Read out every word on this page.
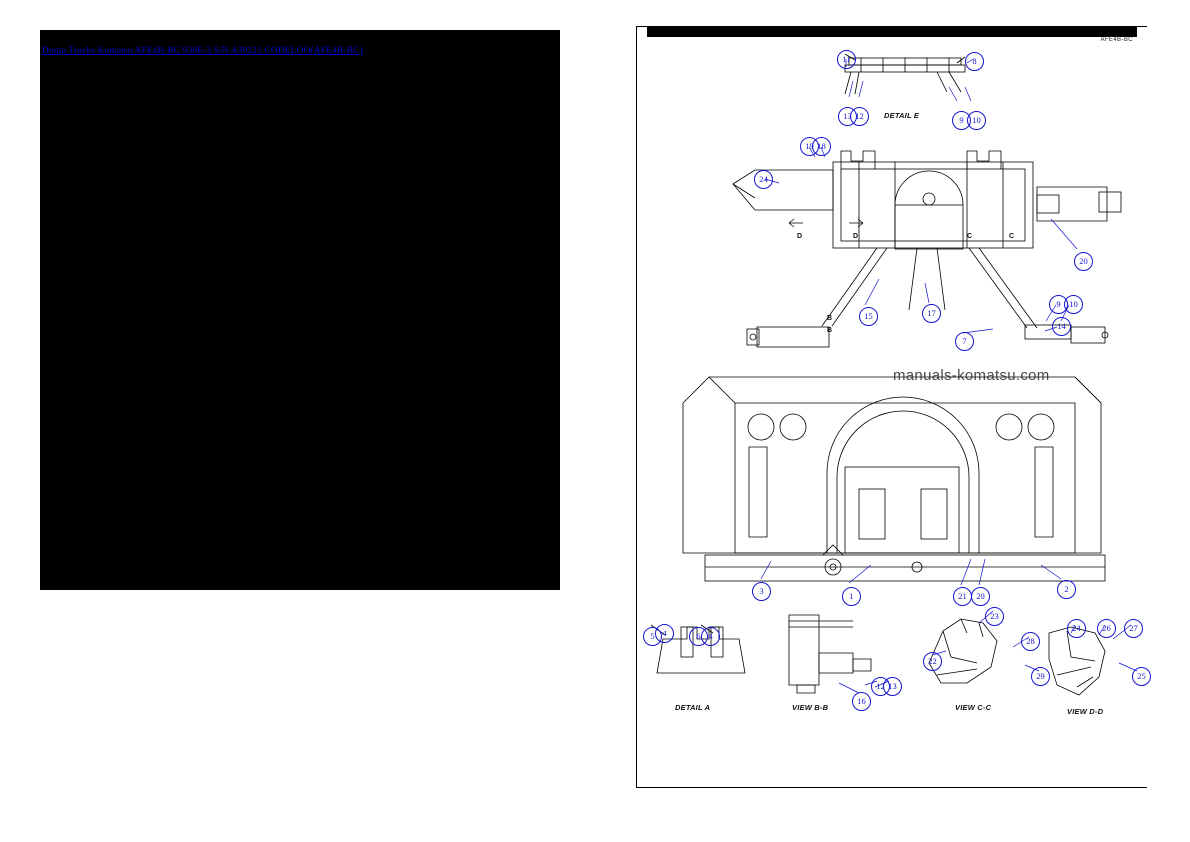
Dump Trucks Komatsu AFE4B-BC 930E-3 S/N A30121 CODELOO(AFE4B-BC)
AFE4B-BC
manuals-komatsu.com
DETAIL E
DETAIL A	VIEW B-B	VIEW C-C	VIEW D-D
D	D	C	C
B
B
11	8
13 12	9	10
19 18
24
20
15	17
9	10
14
7
3	1	21	20
2
5 4	6 4
12 13
16
23
22
28
29
24	26	27
25
